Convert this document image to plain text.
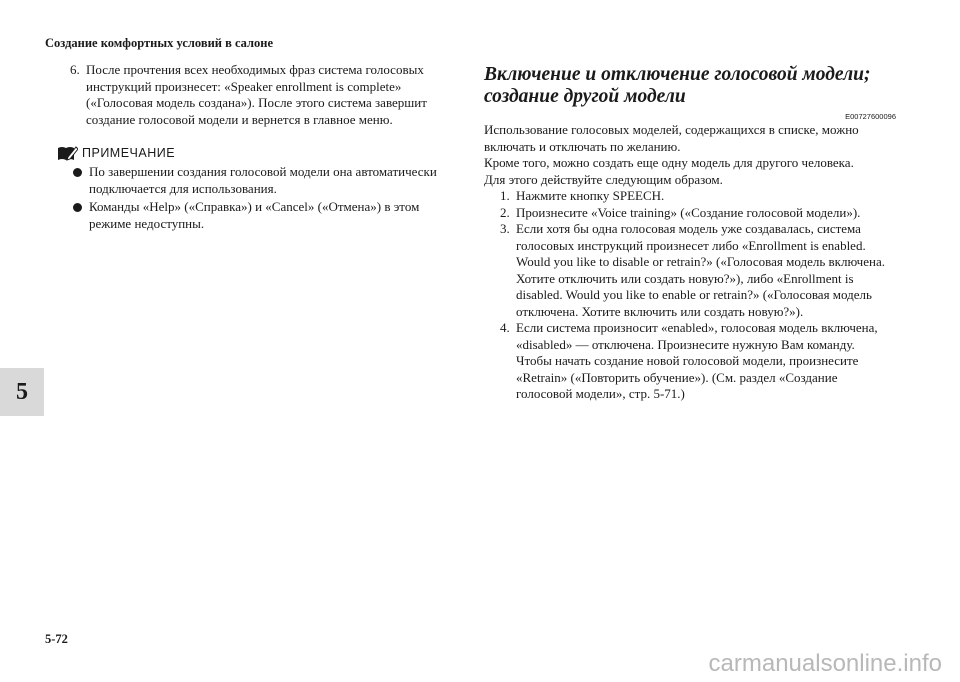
Создание комфортных условий в салоне
5
6. После прочтения всех необходимых фраз система голосовых инструкций произнесет: «Speaker enrollment is complete» («Голосовая модель создана»). После этого система завершит создание голосовой модели и вернется в главное меню.
ПРИМЕЧАНИЕ
По завершении создания голосовой модели она автоматически подключается для использования.
Команды «Help» («Справка») и «Cancel» («Отмена») в этом режиме недоступны.
Включение и отключение голосовой модели; создание другой модели
E00727600096

Использование голосовых моделей, содержащихся в списке, можно включать и отключать по желанию.

Кроме того, можно создать еще одну модель для другого человека.

Для этого действуйте следующим образом.

1. Нажмите кнопку SPEECH.
2. Произнесите «Voice training» («Создание голосовой модели»).
3. Если хотя бы одна голосовая модель уже создавалась, система голосовых инструкций произнесет либо «Enrollment is enabled. Would you like to disable or retrain?» («Голосовая модель включена. Хотите отключить или создать новую?»), либо «Enrollment is disabled. Would you like to enable or retrain?» («Голосовая модель отключена. Хотите включить или создать новую?»).
4. Если система произносит «enabled», голосовая модель включена, «disabled» — отключена. Произнесите нужную Вам команду.
Чтобы начать создание новой голосовой модели, произнесите «Retrain» («Повторить обучение»). (См. раздел «Создание голосовой модели», стр. 5-71.)
5-72
carmanualsonline.info
